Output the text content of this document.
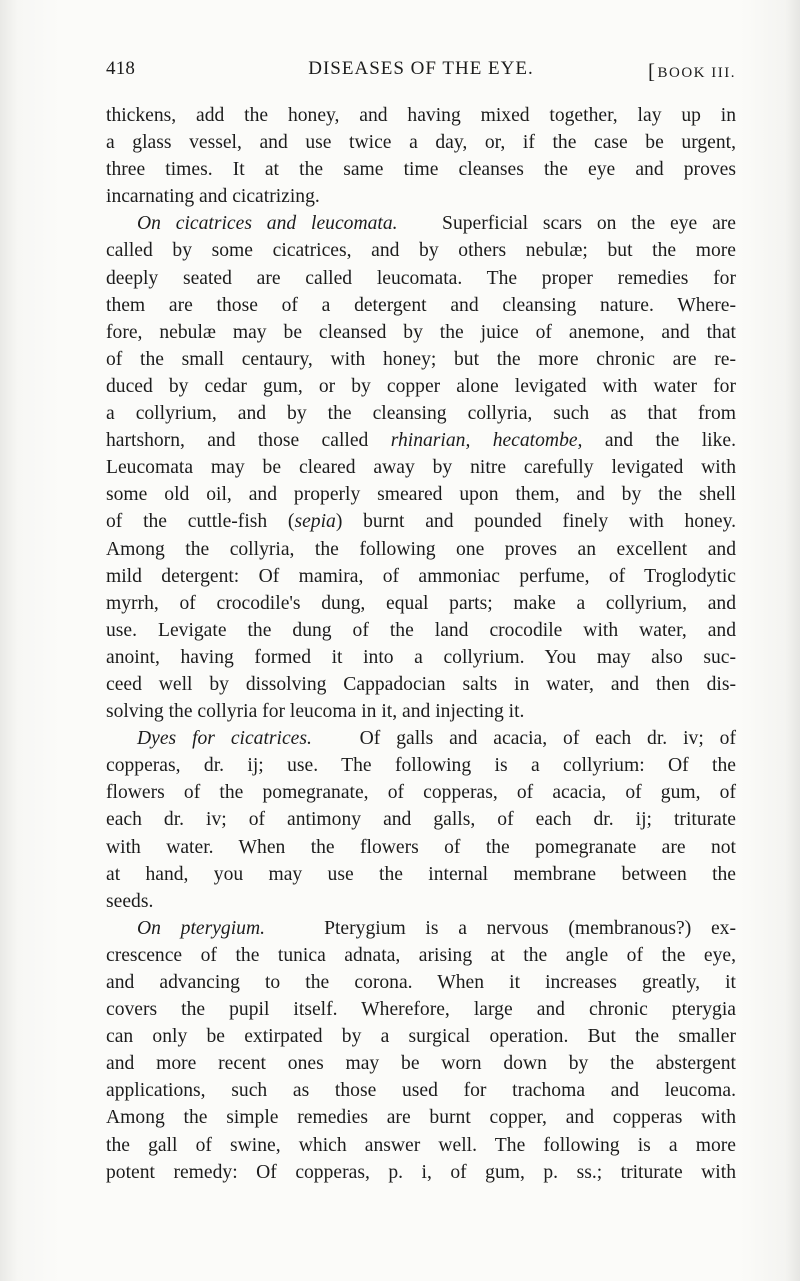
418	DISEASES OF THE EYE.	[BOOK III.
thickens, add the honey, and having mixed together, lay up in
a glass vessel, and use twice a day, or, if the case be urgent,
three times. It at the same time cleanses the eye and proves
incarnating and cicatrizing.
On cicatrices and leucomata. Superficial scars on the eye are
called by some cicatrices, and by others nebulæ; but the more
deeply seated are called leucomata. The proper remedies for
them are those of a detergent and cleansing nature. Where-
fore, nebulæ may be cleansed by the juice of anemone, and that
of the small centaury, with honey; but the more chronic are re-
duced by cedar gum, or by copper alone levigated with water for
a collyrium, and by the cleansing collyria, such as that from
hartshorn, and those called rhinarian, hecatombe, and the like.
Leucomata may be cleared away by nitre carefully levigated with
some old oil, and properly smeared upon them, and by the shell
of the cuttle-fish (sepia) burnt and pounded finely with honey.
Among the collyria, the following one proves an excellent and
mild detergent: Of mamira, of ammoniac perfume, of Troglodytic
myrrh, of crocodile's dung, equal parts; make a collyrium, and
use. Levigate the dung of the land crocodile with water, and
anoint, having formed it into a collyrium. You may also suc-
ceed well by dissolving Cappadocian salts in water, and then dis-
solving the collyria for leucoma in it, and injecting it.
Dyes for cicatrices. Of galls and acacia, of each dr. iv; of
copperas, dr. ij; use. The following is a collyrium: Of the
flowers of the pomegranate, of copperas, of acacia, of gum, of
each dr. iv; of antimony and galls, of each dr. ij; triturate
with water. When the flowers of the pomegranate are not
at hand, you may use the internal membrane between the
seeds.
On pterygium.	Pterygium is a nervous (membranous?) ex-
crescence of the tunica adnata, arising at the angle of the eye,
and advancing to the corona. When it increases greatly, it
covers the pupil itself. Wherefore, large and chronic pterygia
can only be extirpated by a surgical operation. But the smaller
and more recent ones may be worn down by the abstergent
applications, such as those used for trachoma and leucoma.
Among the simple remedies are burnt copper, and copperas with
the gall of swine, which answer well. The following is a more
potent remedy: Of copperas, p. i, of gum, p. ss.; triturate with
